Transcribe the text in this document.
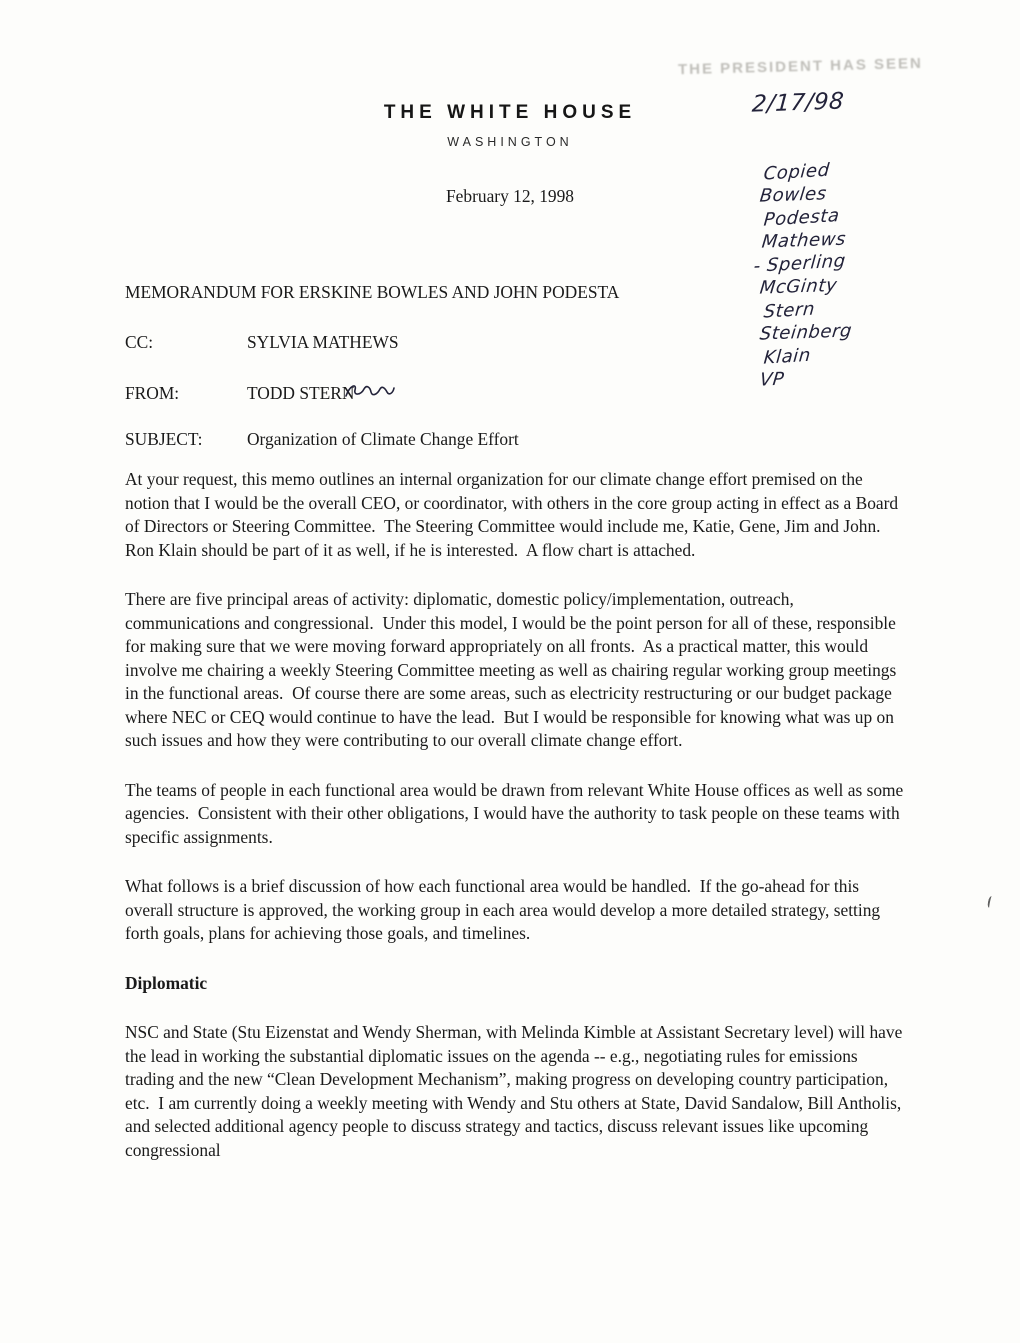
THE PRESIDENT HAS SEEN
2/17/98
THE WHITE HOUSE
WASHINGTON
February 12, 1998
Copied
Bowles
Podesta
Mathews
- Sperling
McGinty
Stern
Steinberg
Klain
VP
MEMORANDUM FOR ERSKINE BOWLES AND JOHN PODESTA
CC:	SYLVIA MATHEWS
FROM:	TODD STERN
SUBJECT:	Organization of Climate Change Effort

At your request, this memo outlines an internal organization for our climate change effort premised on the notion that I would be the overall CEO, or coordinator, with others in the core group acting in effect as a Board of Directors or Steering Committee.  The Steering Committee would include me, Katie, Gene, Jim and John.  Ron Klain should be part of it as well, if he is interested.  A flow chart is attached.

There are five principal areas of activity: diplomatic, domestic policy/implementation, outreach, communications and congressional.  Under this model, I would be the point person for all of these, responsible for making sure that we were moving forward appropriately on all fronts.  As a practical matter, this would involve me chairing a weekly Steering Committee meeting as well as chairing regular working group meetings in the functional areas.  Of course there are some areas, such as electricity restructuring or our budget package where NEC or CEQ would continue to have the lead.  But I would be responsible for knowing what was up on such issues and how they were contributing to our overall climate change effort.

The teams of people in each functional area would be drawn from relevant White House offices as well as some agencies.  Consistent with their other obligations, I would have the authority to task people on these teams with specific assignments.

What follows is a brief discussion of how each functional area would be handled.  If the go-ahead for this overall structure is approved, the working group in each area would develop a more detailed strategy, setting forth goals, plans for achieving those goals, and timelines.

Diplomatic

NSC and State (Stu Eizenstat and Wendy Sherman, with Melinda Kimble at Assistant Secretary level) will have the lead in working the substantial diplomatic issues on the agenda -- e.g., negotiating rules for emissions trading and the new “Clean Development Mechanism”, making progress on developing country participation, etc.  I am currently doing a weekly meeting with Wendy and Stu others at State, David Sandalow, Bill Antholis, and selected additional agency people to discuss strategy and tactics, discuss relevant issues like upcoming congressional
